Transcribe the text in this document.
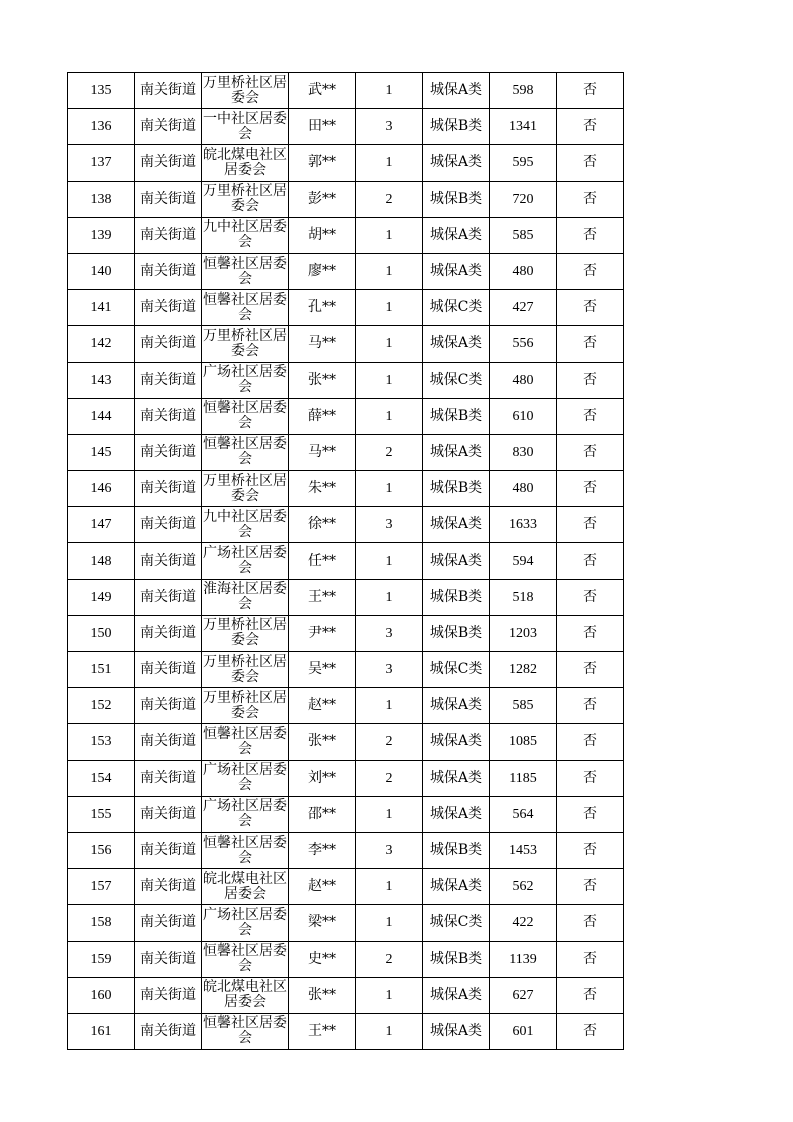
135	南关街道	万里桥社区居委会	武**	1	城保A类	598	否
136	南关街道	一中社区居委会	田**	3	城保B类	1341	否
137	南关街道	皖北煤电社区居委会	郭**	1	城保A类	595	否
138	南关街道	万里桥社区居委会	彭**	2	城保B类	720	否
139	南关街道	九中社区居委会	胡**	1	城保A类	585	否
140	南关街道	恒馨社区居委会	廖**	1	城保A类	480	否
141	南关街道	恒馨社区居委会	孔**	1	城保C类	427	否
142	南关街道	万里桥社区居委会	马**	1	城保A类	556	否
143	南关街道	广场社区居委会	张**	1	城保C类	480	否
144	南关街道	恒馨社区居委会	薛**	1	城保B类	610	否
145	南关街道	恒馨社区居委会	马**	2	城保A类	830	否
146	南关街道	万里桥社区居委会	朱**	1	城保B类	480	否
147	南关街道	九中社区居委会	徐**	3	城保A类	1633	否
148	南关街道	广场社区居委会	任**	1	城保A类	594	否
149	南关街道	淮海社区居委会	王**	1	城保B类	518	否
150	南关街道	万里桥社区居委会	尹**	3	城保B类	1203	否
151	南关街道	万里桥社区居委会	吴**	3	城保C类	1282	否
152	南关街道	万里桥社区居委会	赵**	1	城保A类	585	否
153	南关街道	恒馨社区居委会	张**	2	城保A类	1085	否
154	南关街道	广场社区居委会	刘**	2	城保A类	1185	否
155	南关街道	广场社区居委会	邵**	1	城保A类	564	否
156	南关街道	恒馨社区居委会	李**	3	城保B类	1453	否
157	南关街道	皖北煤电社区居委会	赵**	1	城保A类	562	否
158	南关街道	广场社区居委会	梁**	1	城保C类	422	否
159	南关街道	恒馨社区居委会	史**	2	城保B类	1139	否
160	南关街道	皖北煤电社区居委会	张**	1	城保A类	627	否
161	南关街道	恒馨社区居委会	王**	1	城保A类	601	否
